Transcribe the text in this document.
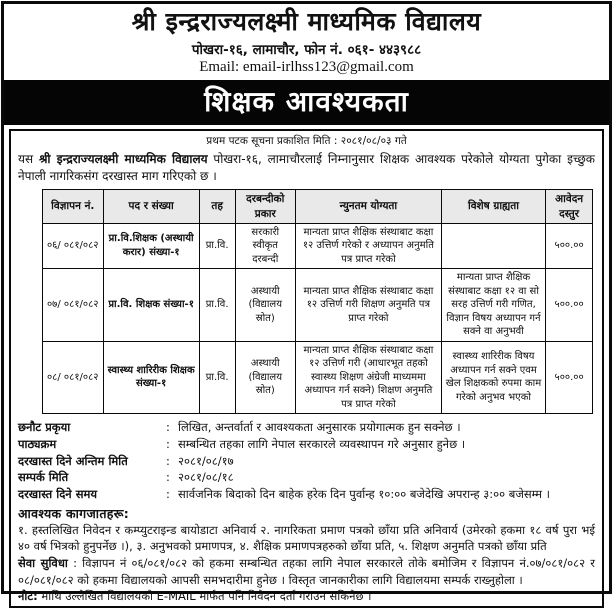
श्री इन्द्रराज्यलक्ष्मी माध्यमिक विद्यालय
पोखरा-१६, लामाचौर, फोन नं. ०६१- ४४३९८८
Email: email-irlhss123@gmail.com
शिक्षक आवश्यकता
प्रथम पटक सूचना प्रकाशित मिति : २०८१/०८/०३ गते
यस श्री इन्द्रराज्यलक्ष्मी माध्यमिक विद्यालय पोखरा-१६, लामाचौरलाई निम्नानुसार शिक्षक आवश्यक परेकोले योग्यता पुगेका इच्छुक नेपाली नागरिकसंग दरखास्त माग गरिएको छ ।
विज्ञापन नं.	पद र संख्या	तह	दरबन्दीको प्रकार	न्युनतम योग्यता	विशेष ग्राह्यता	आवेदन दस्तुर
०६/ ०८१/०८२	प्रा.वि.शिक्षक (अस्थायी करार) संख्या-१	प्रा.वि.	सरकारी स्वीकृत दरबन्दी	मान्यता प्राप्त शैक्षिक संस्थाबाट कक्षा १२ उत्तिर्ण गरेको र अध्यापन अनुमति पत्र प्राप्त गरेको		५००.००
०७/ ०८१/०८२	प्रा.वि. शिक्षक संख्या-१	प्रा.वि.	अस्थायी (विद्यालय स्रोत)	मान्यता प्राप्त शैक्षिक संस्थाबाट कक्षा १२ उत्तिर्ण गरी शिक्षण अनुमति पत्र प्राप्त गरेको	मान्यता प्राप्त शैक्षिक संस्थाबाट कक्षा १२ वा सो सरह उत्तिर्ण गरी गणित, विज्ञान विषय अध्यापन गर्न सक्ने वा अनुभवी	५००.००
०८/ ०८१/०८२	स्वास्थ्य शारिरीक शिक्षक संख्या-१	प्रा.वि.	अस्थायी (विद्यालय स्रोत)	मान्यता प्राप्त शैक्षिक संस्थाबाट कक्षा १२ उत्तिर्ण गरी (आधारभूत तहको स्वास्थ्य शिक्षण अंग्रेजी माध्यममा अध्यापन गर्न सक्ने) शिक्षण अनुमति पत्र प्राप्त गरेको	स्वास्थ्य शारिरीक विषय अध्यापन गर्न सक्ने एवम खेल शिक्षकको रुपमा काम गरेको अनुभव भएको	५००.००
छनौट प्रकृया	: लिखित, अन्तर्वार्ता र आवश्यकता अनुसारक प्रयोगात्मक हुन सक्नेछ ।
पाठ्यक्रम	: सम्बन्धित तहका लागि नेपाल सरकारले व्यवस्थापन गरे अनुसार हुनेछ ।
दरखास्त दिने अन्तिम मिति	: २०८१/०८/१७
सम्पर्क मिति	: २०८१/०८/१८
दरखास्त दिने समय	: सार्वजनिक बिदाको दिन बाहेक हरेक दिन पुर्वान्ह १०:०० बजेदेखि अपरान्ह ३:०० बजेसम्म ।
आवश्यक कागजातहरू:
१. हस्तलिखित निवेदन र कम्प्युटराइन्ड बायोडाटा अनिवार्य २. नागरिकता प्रमाण पत्रको छाँया प्रति अनिवार्य (उमेरको हकमा १८ वर्ष पुरा भई ४० वर्ष भित्रको हुनुपर्नेछ ।), ३. अनुभवको प्रमाणपत्र, ४. शैक्षिक प्रमाणपत्रहरुको छाँया प्रति, ५. शिक्षण अनुमति पत्रको छाँया प्रति
सेवा सुविधा : विज्ञापन नं ०६/०८१/०८२ को हकमा सम्बन्धित तहका लागि नेपाल सरकारले तोके बमोजिम र विज्ञापन नं.०७/०८१/०८२ र ०८/०८१/०८२ को हकमा विद्यालयको आपसी समभदारीमा हुनेछ । विस्तृत जानकारीका लागि विद्यालयमा सम्पर्क राख्नुहोला ।
नोट: माथि उल्लेखित विद्यालयको E-MAIL मार्फत पनि निवेदन दर्ता गराउन सकिनेछ ।
